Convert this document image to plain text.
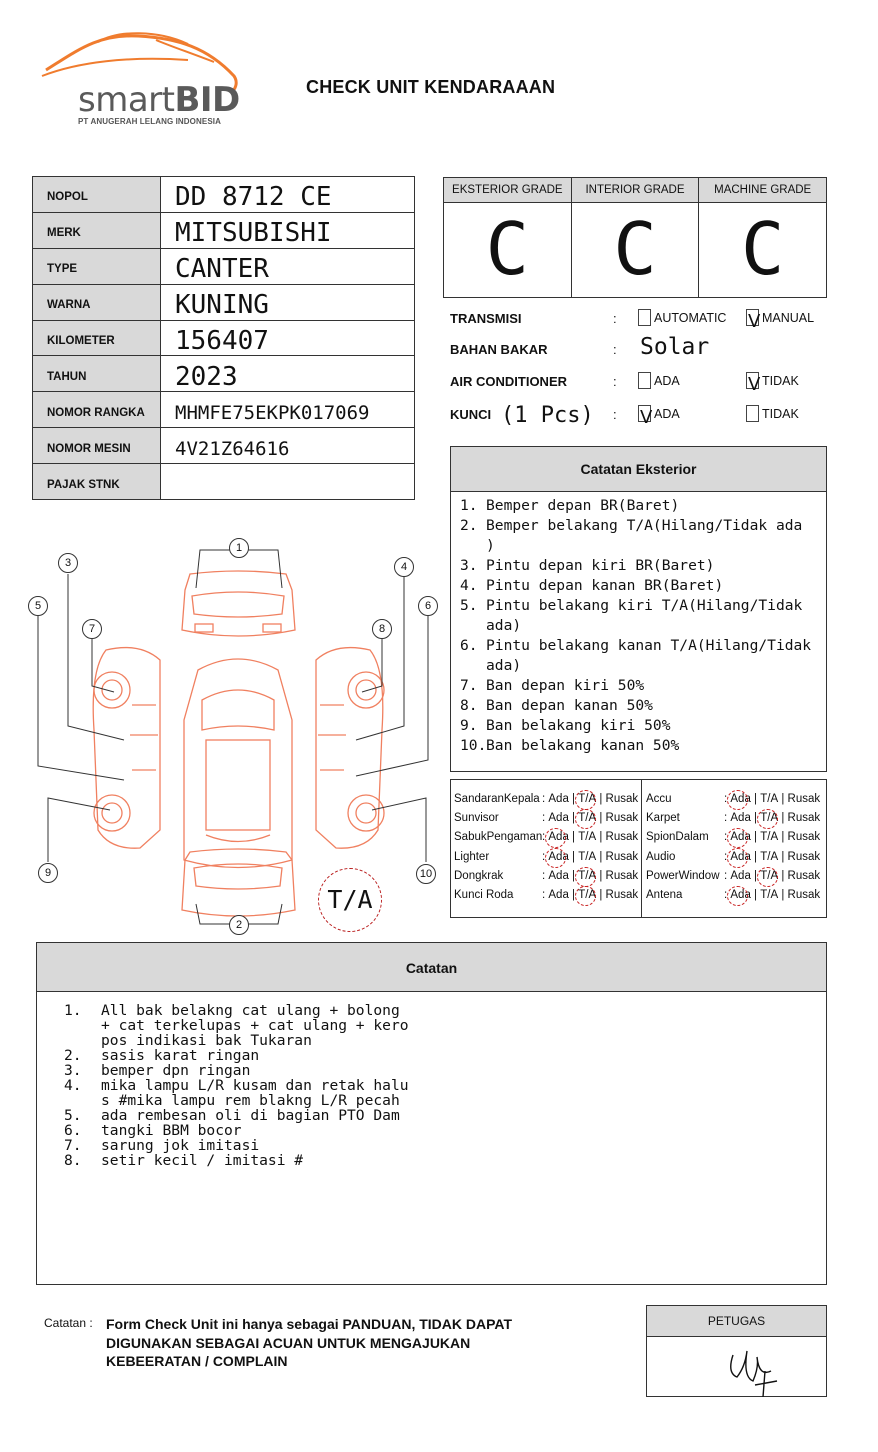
smartBID
PT ANUGERAH LELANG INDONESIA
CHECK UNIT KENDARAAAN
NOPOL	DD 8712 CE
MERK	MITSUBISHI
TYPE	CANTER
WARNA	KUNING
KILOMETER	156407
TAHUN	2023
NOMOR RANGKA	MHMFE75EKPK017069
NOMOR MESIN	4V21Z64616
PAJAK STNK	
EKSTERIOR GRADE
C
INTERIOR GRADE
C
MACHINE GRADE
C
TRANSMISI	:	AUTOMATIC V MANUAL
BAHAN BAKAR	: Solar
AIR CONDITIONER	:	ADA	V TIDAK
KUNCI (1 Pcs) : V ADA	TIDAK
Catatan Eksterior
1. Bemper depan BR(Baret)
2. Bemper belakang T/A(Hilang/Tidak ada )
3. Pintu depan kiri BR(Baret)
4. Pintu depan kanan BR(Baret)
5. Pintu belakang kiri T/A(Hilang/Tidak ada)
6. Pintu belakang kanan T/A(Hilang/Tidak ada)
7. Ban depan kiri 50%
8. Ban depan kanan 50%
9. Ban belakang kiri 50%
10. Ban belakang kanan 50%
SandaranKepala : Ada | T/A | Rusak
Sunvisor	: Ada | T/A | Rusak
SabukPengaman : Ada | T/A | Rusak
Lighter	: Ada | T/A | Rusak
Dongkrak	: Ada | T/A | Rusak
Kunci Roda : Ada | T/A | Rusak
Accu	: Ada | T/A | Rusak
Karpet	: Ada | T/A | Rusak
SpionDalam : Ada | T/A | Rusak
Audio	: Ada | T/A | Rusak
PowerWindow : Ada | T/A | Rusak
Antena	: Ada | T/A | Rusak
1
2
3	4
5	6
7	8
9	10
T/A
Catatan
1.	All bak belakng cat ulang + bolong
+ cat terkelupas + cat ulang + kero
pos indikasi bak Tukaran
2.	sasis karat ringan
3.	bemper dpn ringan
4.	mika lampu L/R kusam dan retak halu
s #mika lampu rem blakng L/R pecah
5.	ada rembesan oli di bagian PTO Dam
6.	tangki BBM bocor
7.	sarung jok imitasi
8.	setir kecil / imitasi #
Catatan : Form Check Unit ini hanya sebagai PANDUAN, TIDAK DAPAT DIGUNAKAN SEBAGAI ACUAN UNTUK MENGAJUKAN KEBEERATAN / COMPLAIN
PETUGAS
